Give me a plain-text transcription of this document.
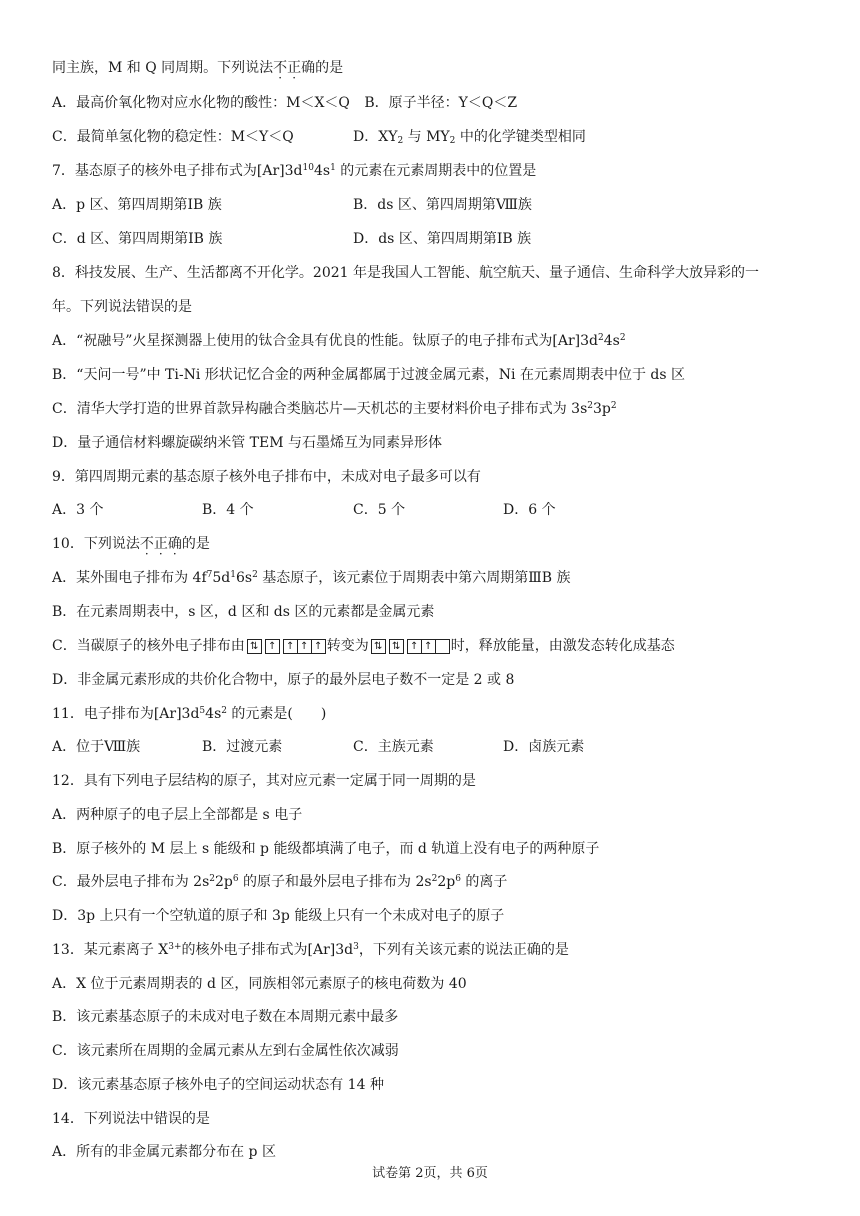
同主族，M 和 Q 同周期。下列说法不正确的是
A．最高价氧化物对应水化物的酸性：M＜X＜Q B．原子半径：Y＜Q＜Z
C．最简单氢化物的稳定性：M＜Y＜Q	D．$XY_2$ 与 $MY_2$ 中的化学键类型相同
7．基态原子的核外电子排布式为$[Ar]3d^{10}4s^1$ 的元素在元素周期表中的位置是
A．p 区、第四周期第ⅠB 族	B．ds 区、第四周期第Ⅷ族
C．d 区、第四周期第ⅠB 族	D．ds 区、第四周期第ⅠB 族
8．科技发展、生产、生活都离不开化学。2021 年是我国人工智能、航空航天、量子通信、生命科学大放异彩的一
年。下列说法错误的是
A．“祝融号”火星探测器上使用的钛合金具有优良的性能。钛原子的电子排布式为$[Ar]3d^24s^2$
B．“天问一号”中 Ti-Ni 形状记忆合金的两种金属都属于过渡金属元素，Ni 在元素周期表中位于 ds 区
C．清华大学打造的世界首款异构融合类脑芯片—天机芯的主要材料价电子排布式为 $3s^23p^2$
D．量子通信材料螺旋碳纳米管 TEM 与石墨烯互为同素异形体
9．第四周期元素的基态原子核外电子排布中，未成对电子最多可以有
A．3 个	B．4 个	C．5 个	D．6 个
10．下列说法不正确的是
A．某外围电子排布为 $4f^75d^16s^2$ 基态原子，该元素位于周期表中第六周期第ⅢB 族
B．在元素周期表中，s 区，d 区和 ds 区的元素都是金属元素
C．当碳原子的核外电子排布由 ⇅ ↑ ↑ ↑ ↑ 转变为 ⇅ ⇅ ↑ ↑ 时，释放能量，由激发态转化成基态
D．非金属元素形成的共价化合物中，原子的最外层电子数不一定是 2 或 8
11．电子排布为$[Ar]3d^54s^2$ 的元素是(　　)
A．位于Ⅷ族	B．过渡元素	C．主族元素	D．卤族元素
12．具有下列电子层结构的原子，其对应元素一定属于同一周期的是
A．两种原子的电子层上全部都是 s 电子
B．原子核外的 M 层上 s 能级和 p 能级都填满了电子，而 d 轨道上没有电子的两种原子
C．最外层电子排布为 $2s^22p^6$ 的原子和最外层电子排布为 $2s^22p^6$ 的离子
D．3p 上只有一个空轨道的原子和 3p 能级上只有一个未成对电子的原子
13．某元素离子 $X^{3+}$的核外电子排布式为$[Ar]3d^3$，下列有关该元素的说法正确的是
A．X 位于元素周期表的 d 区，同族相邻元素原子的核电荷数为 40
B．该元素基态原子的未成对电子数在本周期元素中最多
C．该元素所在周期的金属元素从左到右金属性依次减弱
D．该元素基态原子核外电子的空间运动状态有 14 种
14．下列说法中错误的是
A．所有的非金属元素都分布在 p 区
试卷第 2页，共 6页
